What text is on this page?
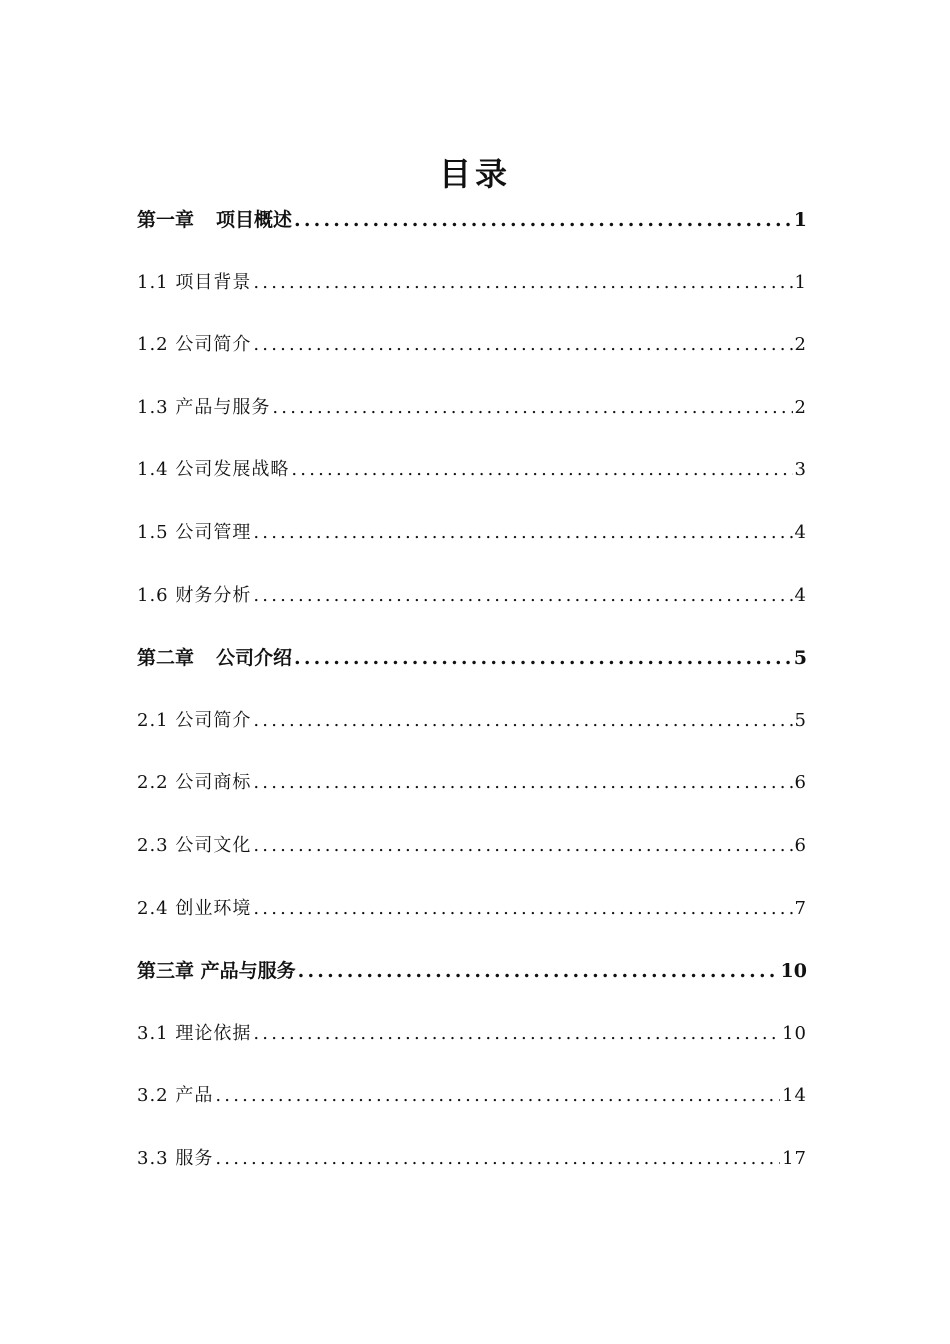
目录
第一章 项目概述 .....	1
1.1 项目背景 .....	1
1.2 公司简介 .....	2
1.3 产品与服务 .....	2
1.4 公司发展战略 .....	3
1.5 公司管理 .....	4
1.6 财务分析 .....	4
第二章 公司介绍 .....	5
2.1 公司简介 .....	5
2.2 公司商标 .....	6
2.3 公司文化 .....	6
2.4 创业环境 .....	7
第三章 产品与服务 .....	10
3.1 理论依据 .....	10
3.2 产品 .....	14
3.3 服务 .....	17
